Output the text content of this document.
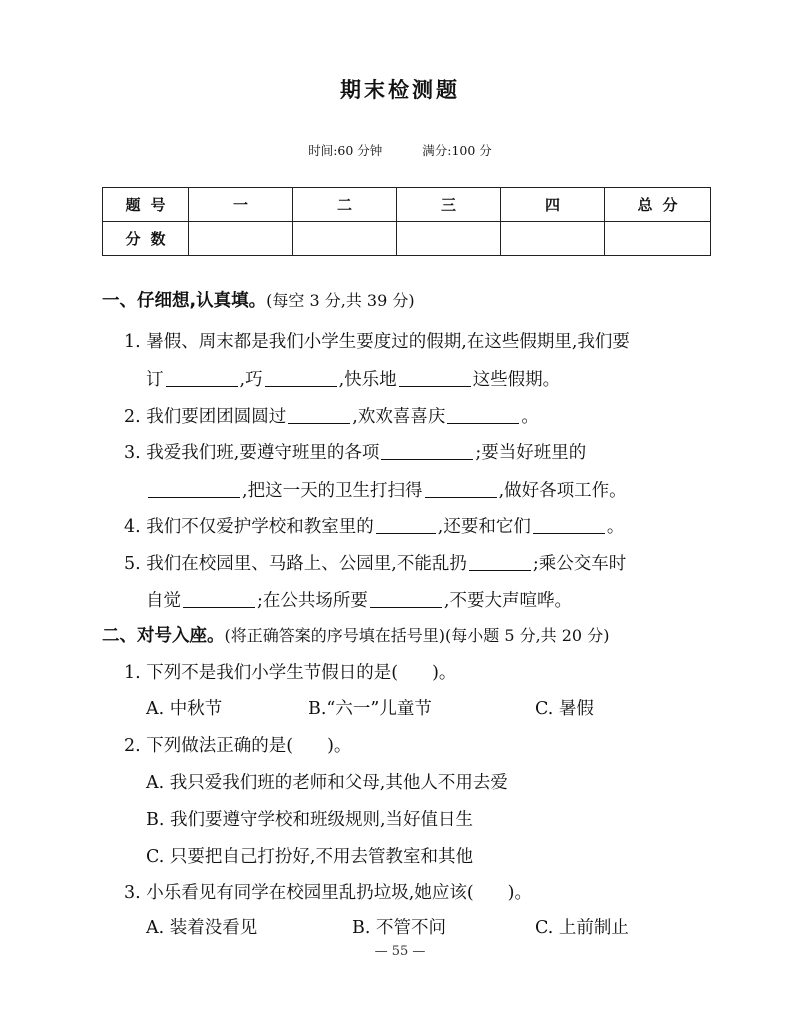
期末检测题
时间:60 分钟	满分:100 分
题号	一	二	三	四	总分
分数					
一、仔细想,认真填。(每空 3 分,共 39 分)
1. 暑假、周末都是我们小学生要度过的假期,在这些假期里,我们要
订	,巧	,快乐地	这些假期。
2. 我们要团团圆圆过	,欢欢喜喜庆	。
3. 我爱我们班,要遵守班里的各项	;要当好班里的
,把这一天的卫生打扫得	,做好各项工作。
4. 我们不仅爱护学校和教室里的	,还要和它们	。
5. 我们在校园里、马路上、公园里,不能乱扔	;乘公交车时
自觉	;在公共场所要	,不要大声喧哗。
二、对号入座。(将正确答案的序号填在括号里)(每小题 5 分,共 20 分)
1. 下列不是我们小学生节假日的是( )。
A. 中秋节	B.“六一”儿童节	C. 暑假
2. 下列做法正确的是( )。
A. 我只爱我们班的老师和父母,其他人不用去爱
B. 我们要遵守学校和班级规则,当好值日生
C. 只要把自己打扮好,不用去管教室和其他
3. 小乐看见有同学在校园里乱扔垃圾,她应该( )。
A. 装着没看见	B. 不管不问	C. 上前制止
— 55 —
